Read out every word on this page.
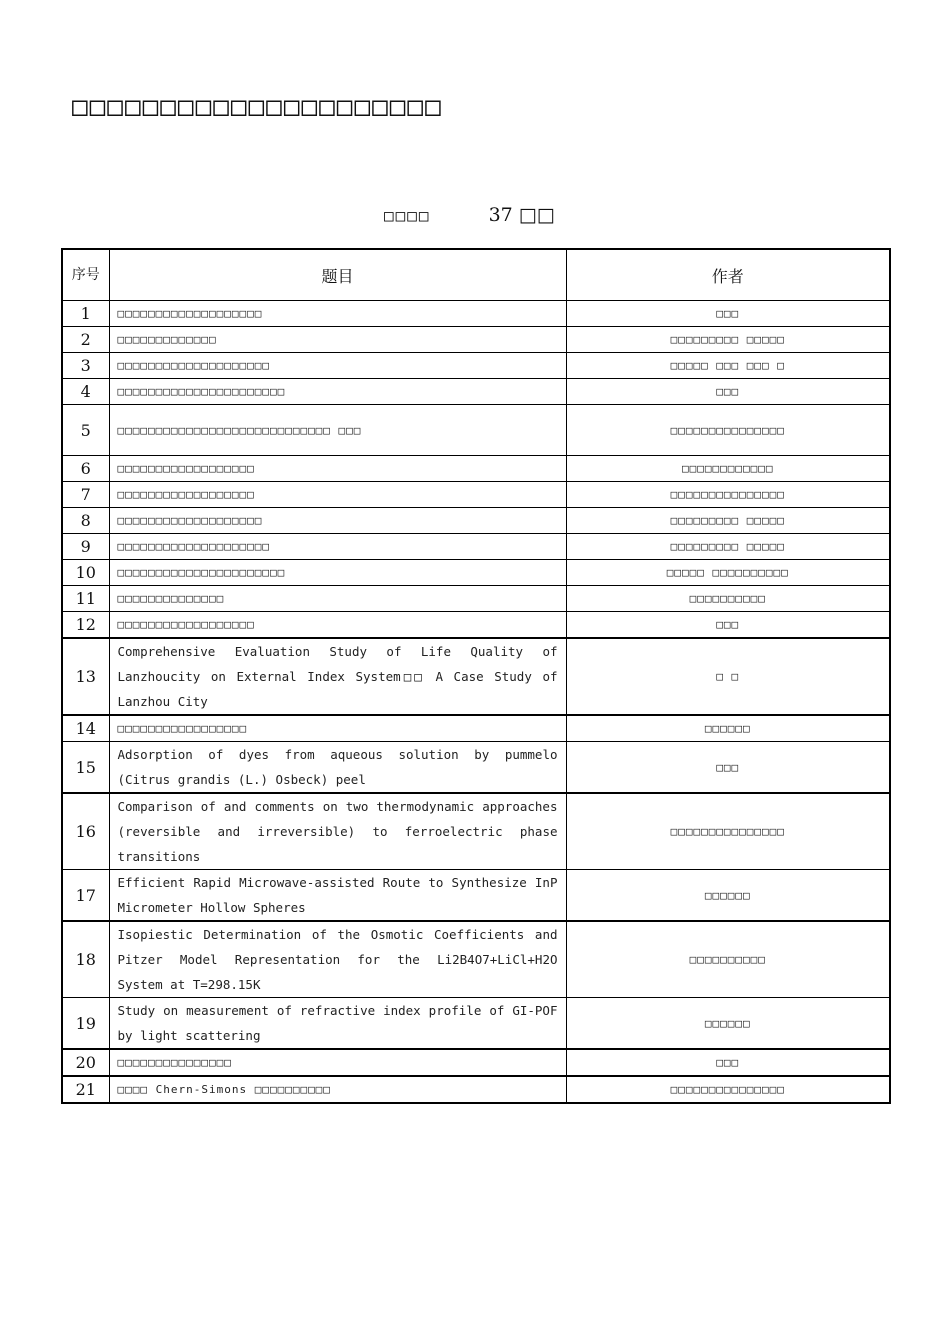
□□□□□□□□□□□□□□□□□□□□□
□□□□	37 □□
序号	题目	作者
1	□□□□□□□□□□□□□□□□□□□	□□□
2	□□□□□□□□□□□□□	□□□□□□□□□ □□□□□
3	□□□□□□□□□□□□□□□□□□□□	□□□□□ □□□ □□□ □
4	□□□□□□□□□□□□□□□□□□□□□□	□□□
5	□□□□□□□□□□□□□□□□□□□□□□□□□□□□ □□□	□□□□□□□□□□□□□□□
6	□□□□□□□□□□□□□□□□□□	□□□□□□□□□□□□
7	□□□□□□□□□□□□□□□□□□	□□□□□□□□□□□□□□□
8	□□□□□□□□□□□□□□□□□□□	□□□□□□□□□ □□□□□
9	□□□□□□□□□□□□□□□□□□□□	□□□□□□□□□ □□□□□
10	□□□□□□□□□□□□□□□□□□□□□□	□□□□□ □□□□□□□□□□
11	□□□□□□□□□□□□□□	□□□□□□□□□□
12	□□□□□□□□□□□□□□□□□□	□□□
13	Comprehensive Evaluation Study of Life Quality of Lanzhoucity on External Index System□□ A Case Study of Lanzhou City	□ □
14	□□□□□□□□□□□□□□□□□	□□□□□□
15	Adsorption of dyes from aqueous solution by pummelo (Citrus grandis (L.) Osbeck) peel	□□□
16	Comparison of and comments on two thermodynamic approaches (reversible and irreversible) to ferroelectric phase transitions	□□□□□□□□□□□□□□□
17	Efficient Rapid Microwave-assisted Route to Synthesize InP Micrometer Hollow Spheres	□□□□□□
18	Isopiestic Determination of the Osmotic Coefficients and Pitzer Model Representation for the Li2B4O7+LiCl+H2O System at T=298.15K	□□□□□□□□□□
19	Study on measurement of refractive index profile of GI-POF by light scattering	□□□□□□
20	□□□□□□□□□□□□□□□	□□□
21	□□□□ Chern-Simons □□□□□□□□□□	□□□□□□□□□□□□□□□
